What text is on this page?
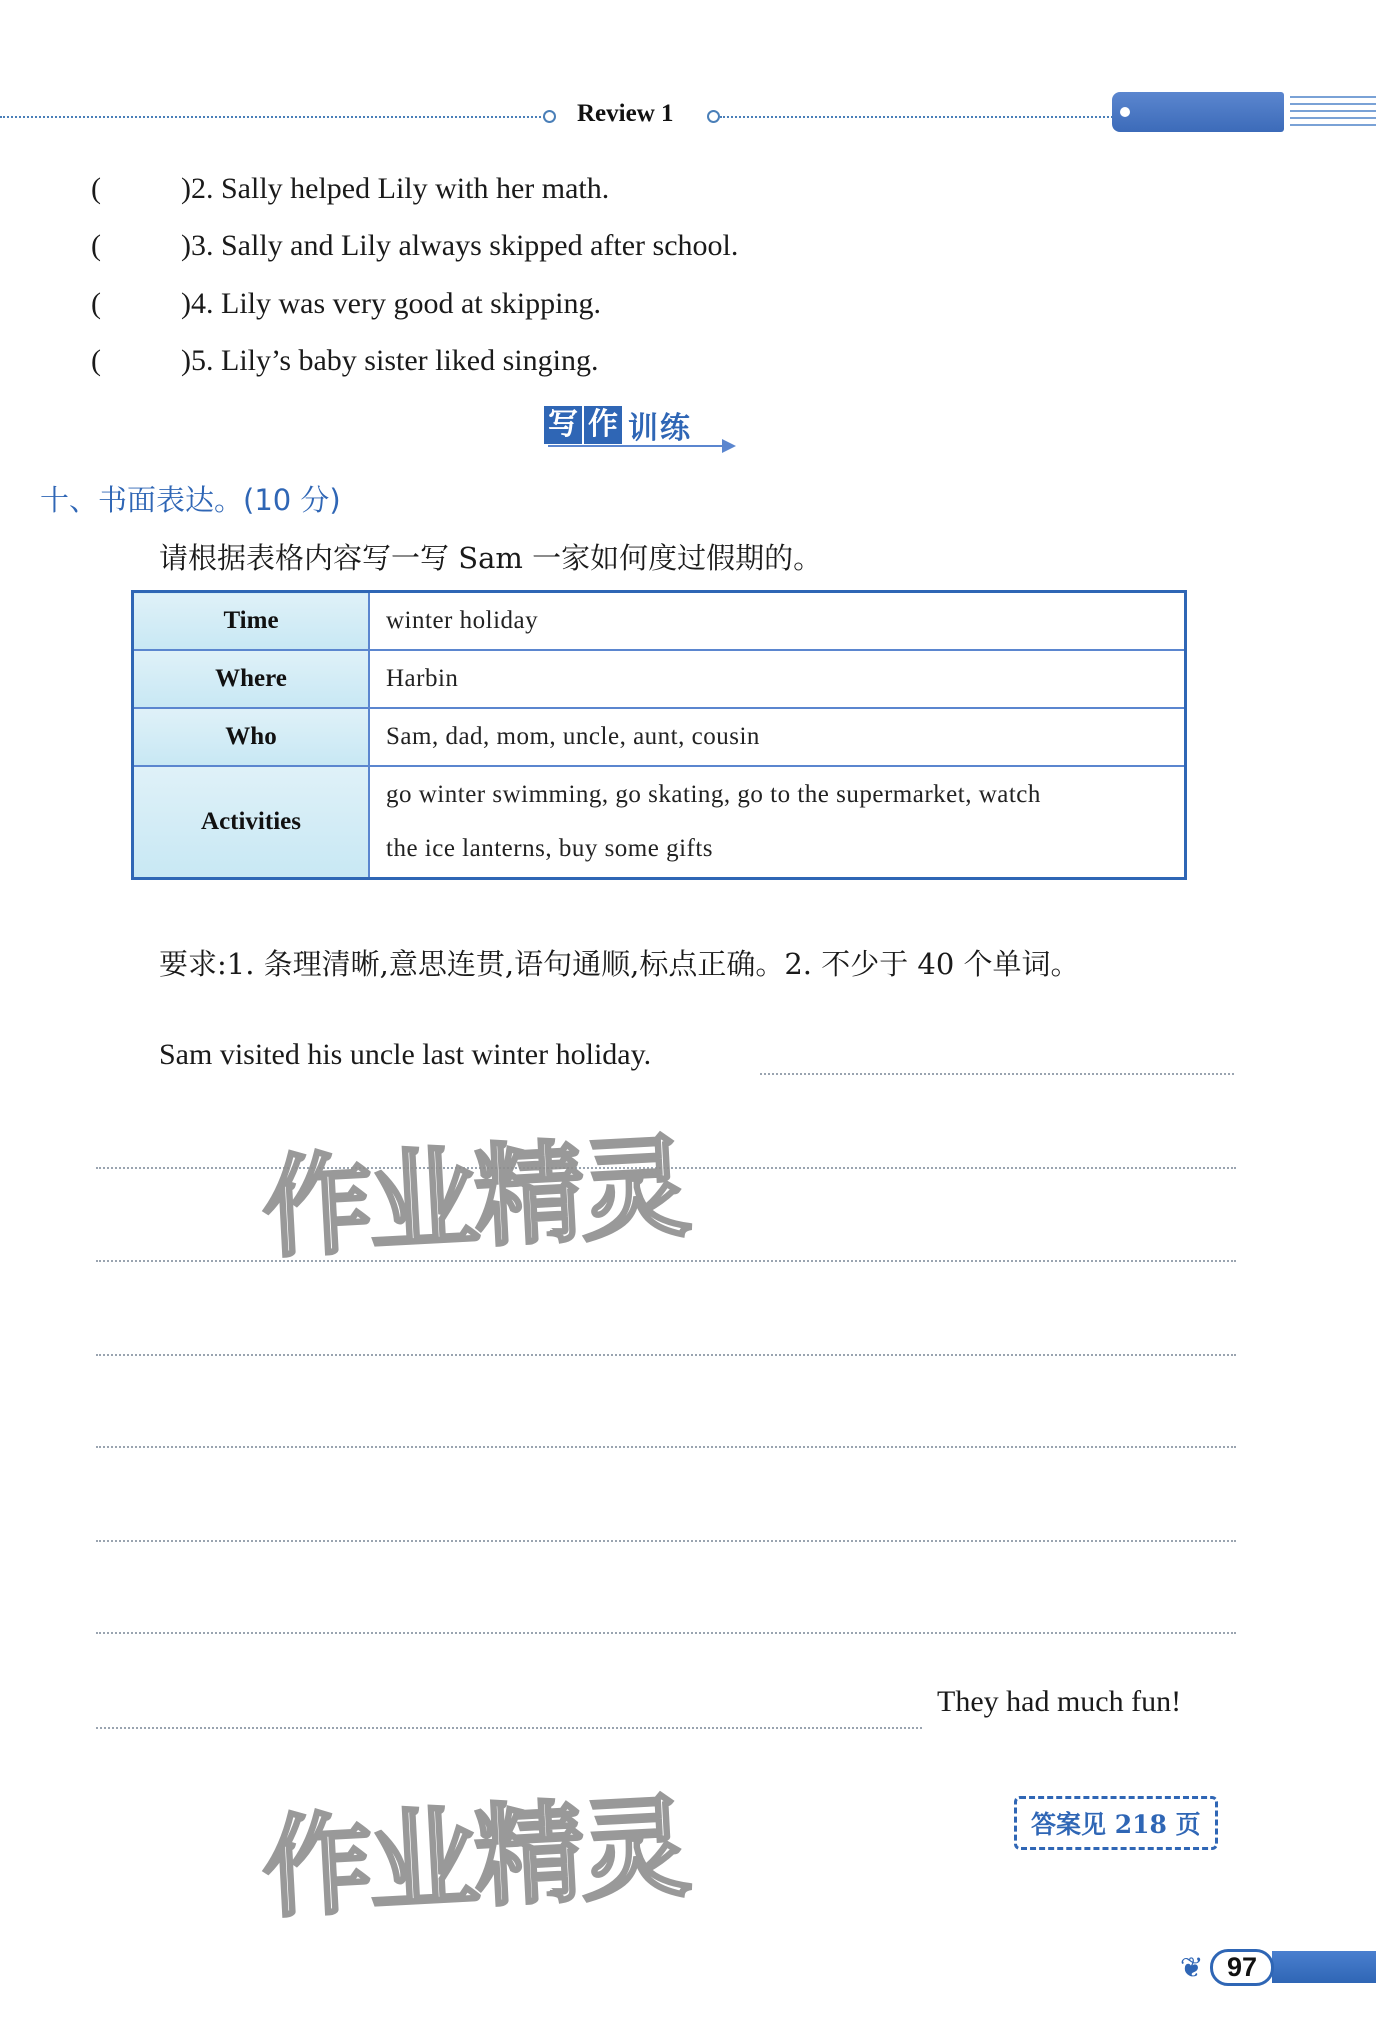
Review 1
(	)2. Sally helped Lily with her math.
(	)3. Sally and Lily always skipped after school.
(	)4. Lily was very good at skipping.
(	)5. Lily’s baby sister liked singing.
写 作 训 练
十、书面表达。(10 分)
请根据表格内容写一写 Sam 一家如何度过假期的。
Time	winter holiday
Where	Harbin
Who	Sam, dad, mom, uncle, aunt, cousin
Activities	go winter swimming, go skating, go to the supermarket, watch
the ice lanterns, buy some gifts
要求:1. 条理清晰,意思连贯,语句通顺,标点正确。2. 不少于 40 个单词。
Sam visited his uncle last winter holiday.
They had much fun!
作业精灵
作业精灵	答案见 218 页
❦ 97
